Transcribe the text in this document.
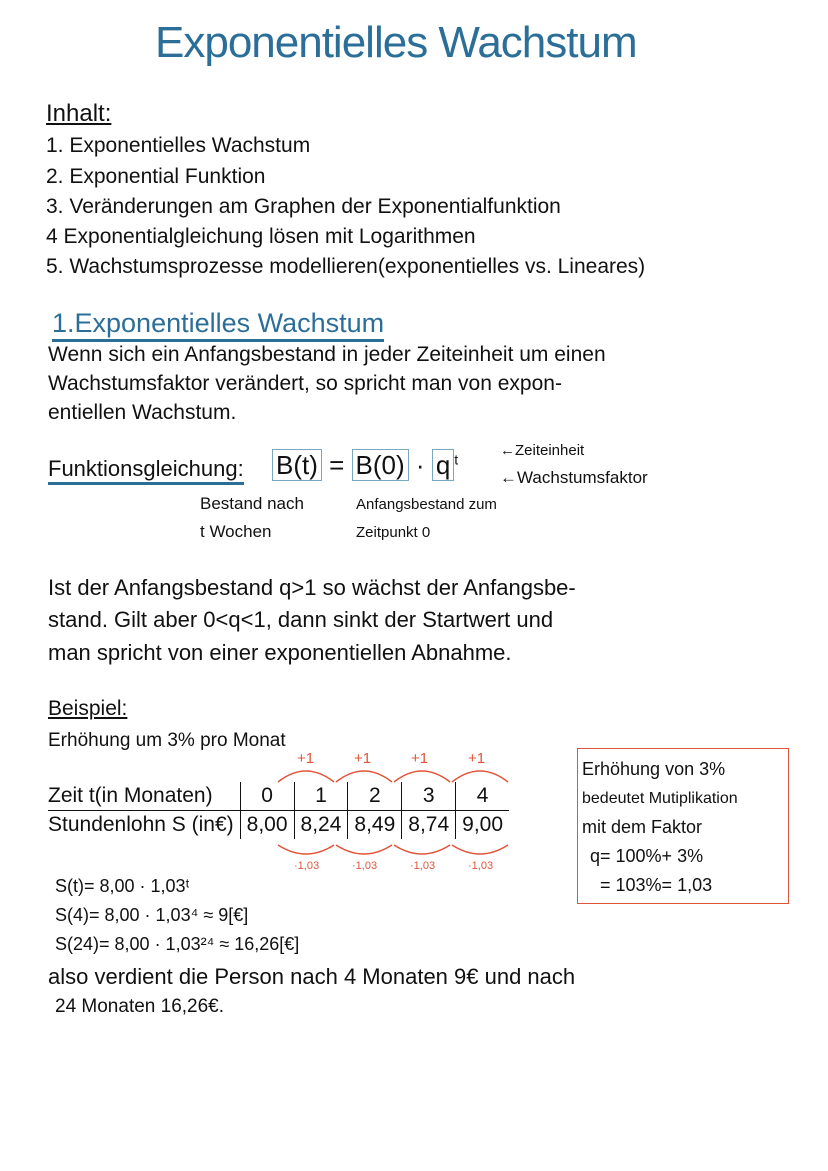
Exponentielles Wachstum
Inhalt:
1. Exponentielles Wachstum
2. Exponential Funktion
3. Veränderungen am Graphen der Exponentialfunktion
4 Exponentialgleichung lösen mit Logarithmen
5. Wachstumsprozesse modellieren(exponentielles vs. Lineares)
1.Exponentielles Wachstum
Wenn sich ein Anfangsbestand in jeder Zeiteinheit um einen
Wachstumsfaktor verändert, so spricht man von expon-
entiellen Wachstum.
Funktionsgleichung: B(t) = B(0) · q $^t$
←Zeiteinheit
←Wachstumsfaktor
Bestand nach
t Wochen
Anfangsbestand zum
Zeitpunkt 0
Ist der Anfangsbestand q>1 so wächst der Anfangsbe-
stand. Gilt aber 0<q<1, dann sinkt der Startwert und
man spricht von einer exponentiellen Abnahme.
Beispiel:
Erhöhung um 3% pro Monat
+1	+1	+1	+1
Zeit t(in Monaten)	0	1	2	3	4
Stundenlohn S (in€)	8,00	8,24	8,49	8,74	9,00
·1,03	·1,03	·1,03	·1,03
Erhöhung von 3%
bedeutet Mutiplikation
mit dem Faktor
q= 100%+ 3%
= 103%= 1,03
S(t)= 8,00 · 1,03ᵗ
S(4)= 8,00 · 1,03⁴ ≈ 9[€]
S(24)= 8,00 · 1,03²⁴ ≈ 16,26[€]
also verdient die Person nach 4 Monaten 9€ und nach
24 Monaten 16,26€.
